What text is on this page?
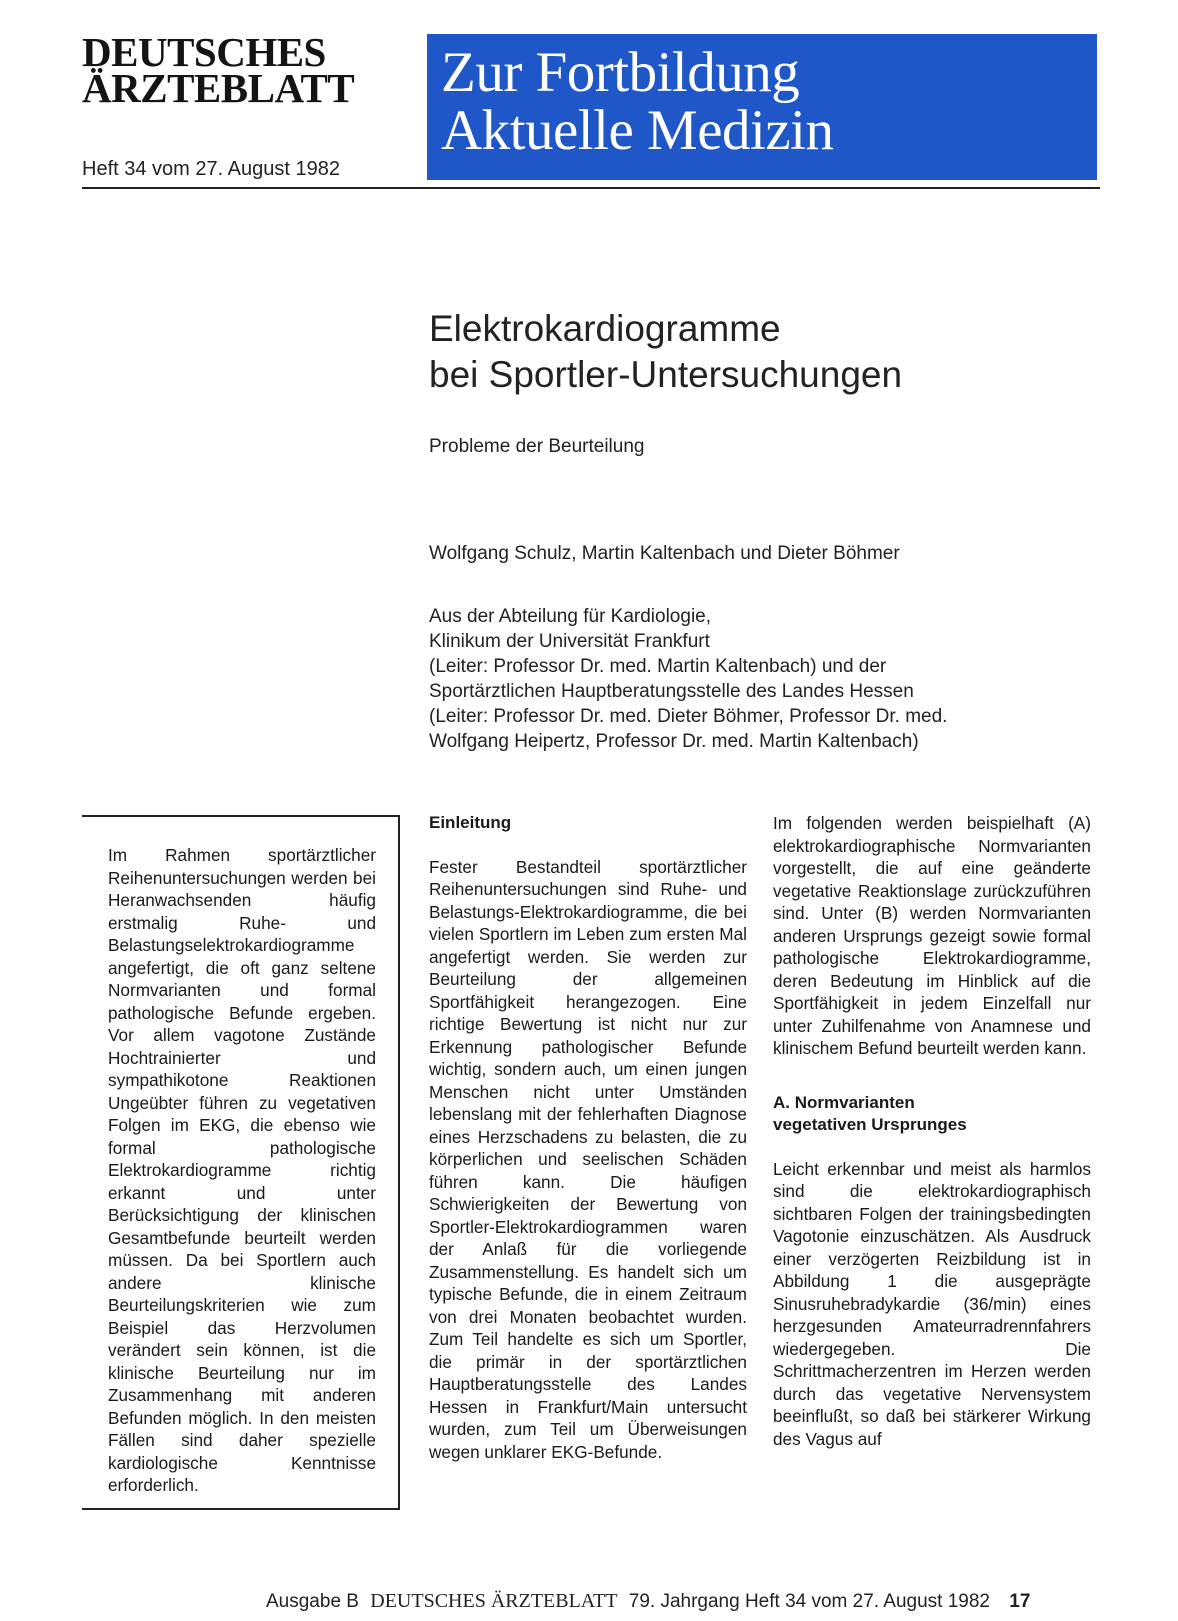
DEUTSCHES
ÄRZTEBLATT
Heft 34 vom 27. August 1982
Zur Fortbildung
Aktuelle Medizin
Elektrokardiogramme
bei Sportler-Untersuchungen
Probleme der Beurteilung
Wolfgang Schulz, Martin Kaltenbach und Dieter Böhmer
Aus der Abteilung für Kardiologie,
Klinikum der Universität Frankfurt
(Leiter: Professor Dr. med. Martin Kaltenbach) und der
Sportärztlichen Hauptberatungsstelle des Landes Hessen
(Leiter: Professor Dr. med. Dieter Böhmer, Professor Dr. med.
Wolfgang Heipertz, Professor Dr. med. Martin Kaltenbach)
Im Rahmen sportärztlicher Reihenuntersuchungen werden bei Heranwachsenden häufig erstmalig Ruhe- und Belastungselektrokardiogramme angefertigt, die oft ganz seltene Normvarianten und formal pathologische Befunde ergeben. Vor allem vagotone Zustände Hochtrainierter und sympathikotone Reaktionen Ungeübter führen zu vegetativen Folgen im EKG, die ebenso wie formal pathologische Elektrokardiogramme richtig erkannt und unter Berücksichtigung der klinischen Gesamtbefunde beurteilt werden müssen. Da bei Sportlern auch andere klinische Beurteilungskriterien wie zum Beispiel das Herzvolumen verändert sein können, ist die klinische Beurteilung nur im Zusammenhang mit anderen Befunden möglich. In den meisten Fällen sind daher spezielle kardiologische Kenntnisse erforderlich.
Einleitung

Fester Bestandteil sportärztlicher Reihenuntersuchungen sind Ruhe- und Belastungs-Elektrokardiogramme, die bei vielen Sportlern im Leben zum ersten Mal angefertigt werden. Sie werden zur Beurteilung der allgemeinen Sportfähigkeit herangezogen. Eine richtige Bewertung ist nicht nur zur Erkennung pathologischer Befunde wichtig, sondern auch, um einen jungen Menschen nicht unter Umständen lebenslang mit der fehlerhaften Diagnose eines Herzschadens zu belasten, die zu körperlichen und seelischen Schäden führen kann. Die häufigen Schwierigkeiten der Bewertung von Sportler-Elektrokardiogrammen waren der Anlaß für die vorliegende Zusammenstellung. Es handelt sich um typische Befunde, die in einem Zeitraum von drei Monaten beobachtet wurden. Zum Teil handelte es sich um Sportler, die primär in der sportärztlichen Hauptberatungsstelle des Landes Hessen in Frankfurt/Main untersucht wurden, zum Teil um Überweisungen wegen unklarer EKG-Befunde.

Im folgenden werden beispielhaft (A) elektrokardiographische Normvarianten vorgestellt, die auf eine geänderte vegetative Reaktionslage zurückzuführen sind. Unter (B) werden Normvarianten anderen Ursprungs gezeigt sowie formal pathologische Elektrokardiogramme, deren Bedeutung im Hinblick auf die Sportfähigkeit in jedem Einzelfall nur unter Zuhilfenahme von Anamnese und klinischem Befund beurteilt werden kann.

A. Normvarianten
vegetativen Ursprunges

Leicht erkennbar und meist als harmlos sind die elektrokardiographisch sichtbaren Folgen der trainingsbedingten Vagotonie einzuschätzen. Als Ausdruck einer verzögerten Reizbildung ist in Abbildung 1 die ausgeprägte Sinusruhebradykardie (36/min) eines herzgesunden Amateurradrennfahrers wiedergegeben. Die Schrittmacherzentren im Herzen werden durch das vegetative Nervensystem beeinflußt, so daß bei stärkerer Wirkung des Vagus auf

Ausgabe B DEUTSCHES ÄRZTEBLATT 79. Jahrgang Heft 34 vom 27. August 1982 17
